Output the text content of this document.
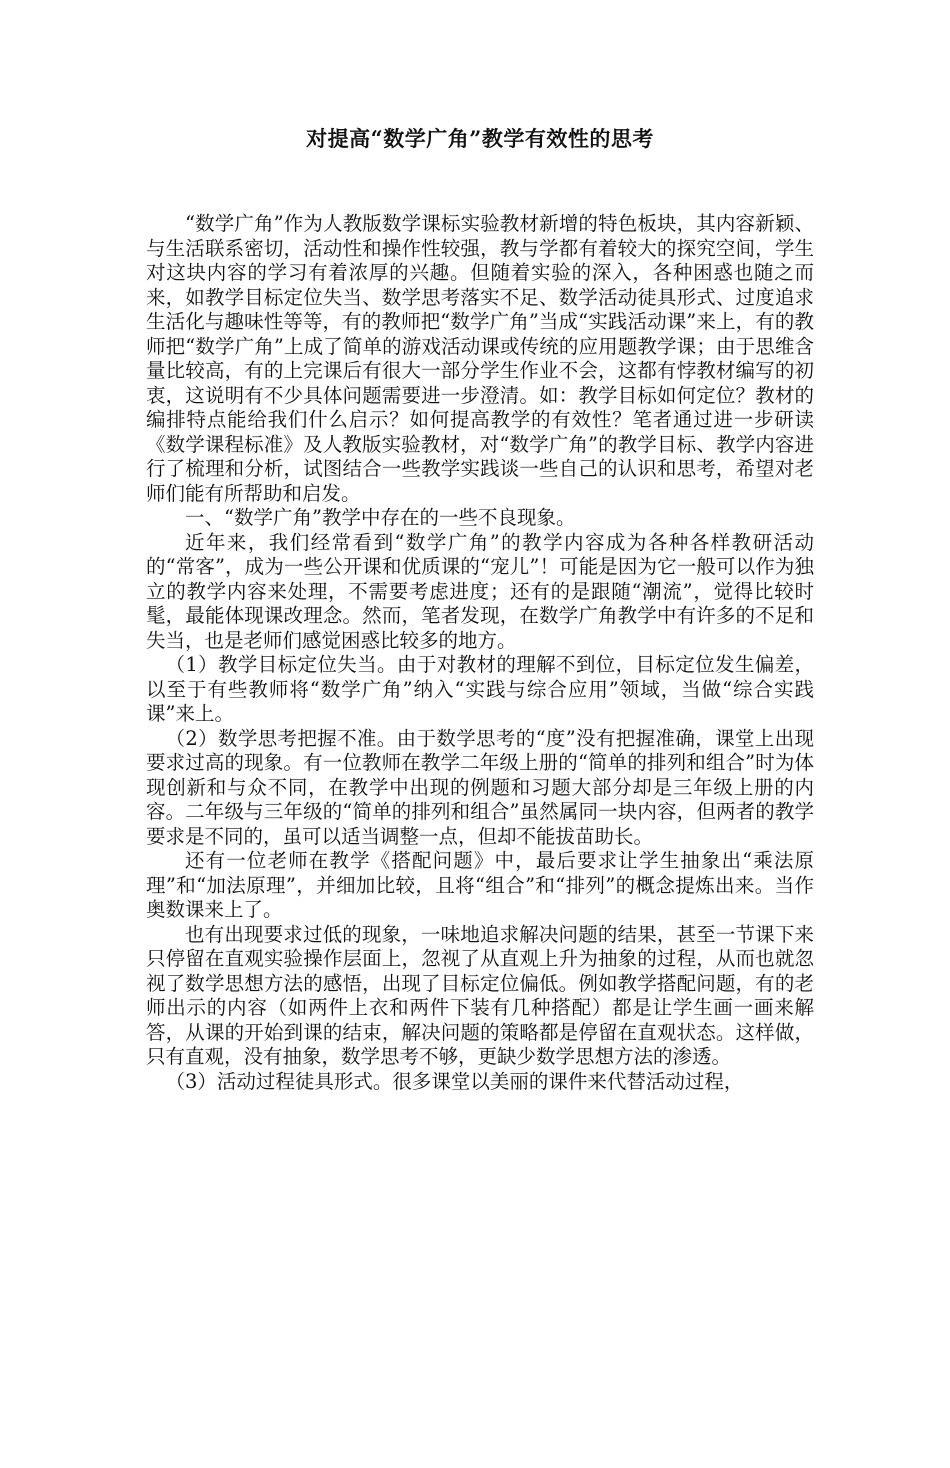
对提高“数学广角”教学有效性的思考

“数学广角”作为人教版数学课标实验教材新增的特色板块，其内容新颖、与生活联系密切，活动性和操作性较强，教与学都有着较大的探究空间，学生对这块内容的学习有着浓厚的兴趣。但随着实验的深入，各种困惑也随之而来，如教学目标定位失当、数学思考落实不足、数学活动徒具形式、过度追求生活化与趣味性等等，有的教师把“数学广角”当成“实践活动课”来上，有的教师把“数学广角”上成了简单的游戏活动课或传统的应用题教学课；由于思维含量比较高，有的上完课后有很大一部分学生作业不会，这都有悖教材编写的初衷，这说明有不少具体问题需要进一步澄清。如：教学目标如何定位？教材的编排特点能给我们什么启示？如何提高教学的有效性？笔者通过进一步研读《数学课程标准》及人教版实验教材，对“数学广角”的教学目标、教学内容进行了梳理和分析，试图结合一些教学实践谈一些自己的认识和思考，希望对老师们能有所帮助和启发。

一、“数学广角”教学中存在的一些不良现象。

近年来，我们经常看到“数学广角”的教学内容成为各种各样教研活动的“常客”，成为一些公开课和优质课的“宠儿”！可能是因为它一般可以作为独立的教学内容来处理，不需要考虑进度；还有的是跟随“潮流”，觉得比较时髦，最能体现课改理念。然而，笔者发现，在数学广角教学中有许多的不足和失当，也是老师们感觉困惑比较多的地方。

（1）教学目标定位失当。由于对教材的理解不到位，目标定位发生偏差，以至于有些教师将“数学广角”纳入“实践与综合应用”领域，当做“综合实践课”来上。

（2）数学思考把握不准。由于数学思考的“度”没有把握准确，课堂上出现要求过高的现象。有一位教师在教学二年级上册的“简单的排列和组合”时为体现创新和与众不同，在教学中出现的例题和习题大部分却是三年级上册的内容。二年级与三年级的“简单的排列和组合”虽然属同一块内容，但两者的教学要求是不同的，虽可以适当调整一点，但却不能拔苗助长。

还有一位老师在教学《搭配问题》中，最后要求让学生抽象出“乘法原理”和“加法原理”，并细加比较，且将“组合”和“排列”的概念提炼出来。当作奥数课来上了。

也有出现要求过低的现象，一味地追求解决问题的结果，甚至一节课下来只停留在直观实验操作层面上，忽视了从直观上升为抽象的过程，从而也就忽视了数学思想方法的感悟，出现了目标定位偏低。例如教学搭配问题，有的老师出示的内容（如两件上衣和两件下装有几种搭配）都是让学生画一画来解答，从课的开始到课的结束，解决问题的策略都是停留在直观状态。这样做，只有直观，没有抽象，数学思考不够，更缺少数学思想方法的渗透。

（3）活动过程徒具形式。很多课堂以美丽的课件来代替活动过程，
